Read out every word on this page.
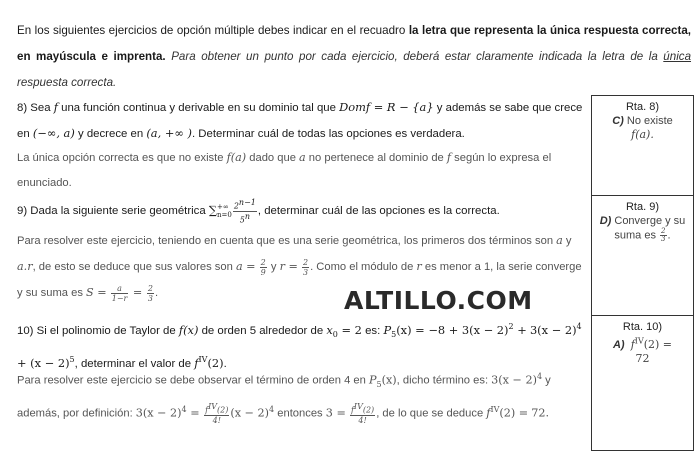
En los siguientes ejercicios de opción múltiple debes indicar en el recuadro la letra que representa la única respuesta correcta, en mayúscula e imprenta. Para obtener un punto por cada ejercicio, deberá estar claramente indicada la letra de la única respuesta correcta.
8) Sea f una función continua y derivable en su dominio tal que Domf = R − {a} y además se sabe que crece en (−∞, a) y decrece en (a, +∞ ). Determinar cuál de todas las opciones es verdadera.
La única opción correcta es que no existe f(a) dado que a no pertenece al dominio de f según lo expresa el enunciado.
9) Dada la siguiente serie geométrica ∑ +∞
$n=0 \frac{2^{n-1}}{5^n}$ , determinar cuál de las opciones es la correcta.
Para resolver este ejercicio, teniendo en cuenta que es una serie geométrica, los primeros dos términos son a y a.r, de esto se deduce que sus valores son $a = \frac{2}{9}$ y $r = \frac{2}{3}$ . Como el módulo de r es menor a 1, la serie converge y su suma es $S = \frac{a}{1-r} = \frac{2}{3}$ .	ALTILLO.COM
10) Si el polinomio de Taylor de f(x) de orden 5 alrededor de $x_0 = 2$ es: $P_5(x) = -8 + 3(x - 2)^2 + 3(x - 2)^4 + (x - 2)^5$, determinar el valor de $f^{IV}(2)$.
Para resolver este ejercicio se debe observar el término de orden 4 en $P_5(x)$, dicho término es: $3(x - 2)^4$ y además, por definición: $3(x - 2)^4 = \frac{f^{IV}(2)}{4!} (x - 2)^4$ entonces $3 = \frac{f^{IV}(2)}{4!}$ , de lo que se deduce $f^{IV}(2) = 72$.
Rta. 8)
C) No existe
f(a).
Rta. 9)
D) Converge y su suma es $\frac{2}{3}$ .
Rta. 10)
A) $f^{IV}(2)$ =
72
